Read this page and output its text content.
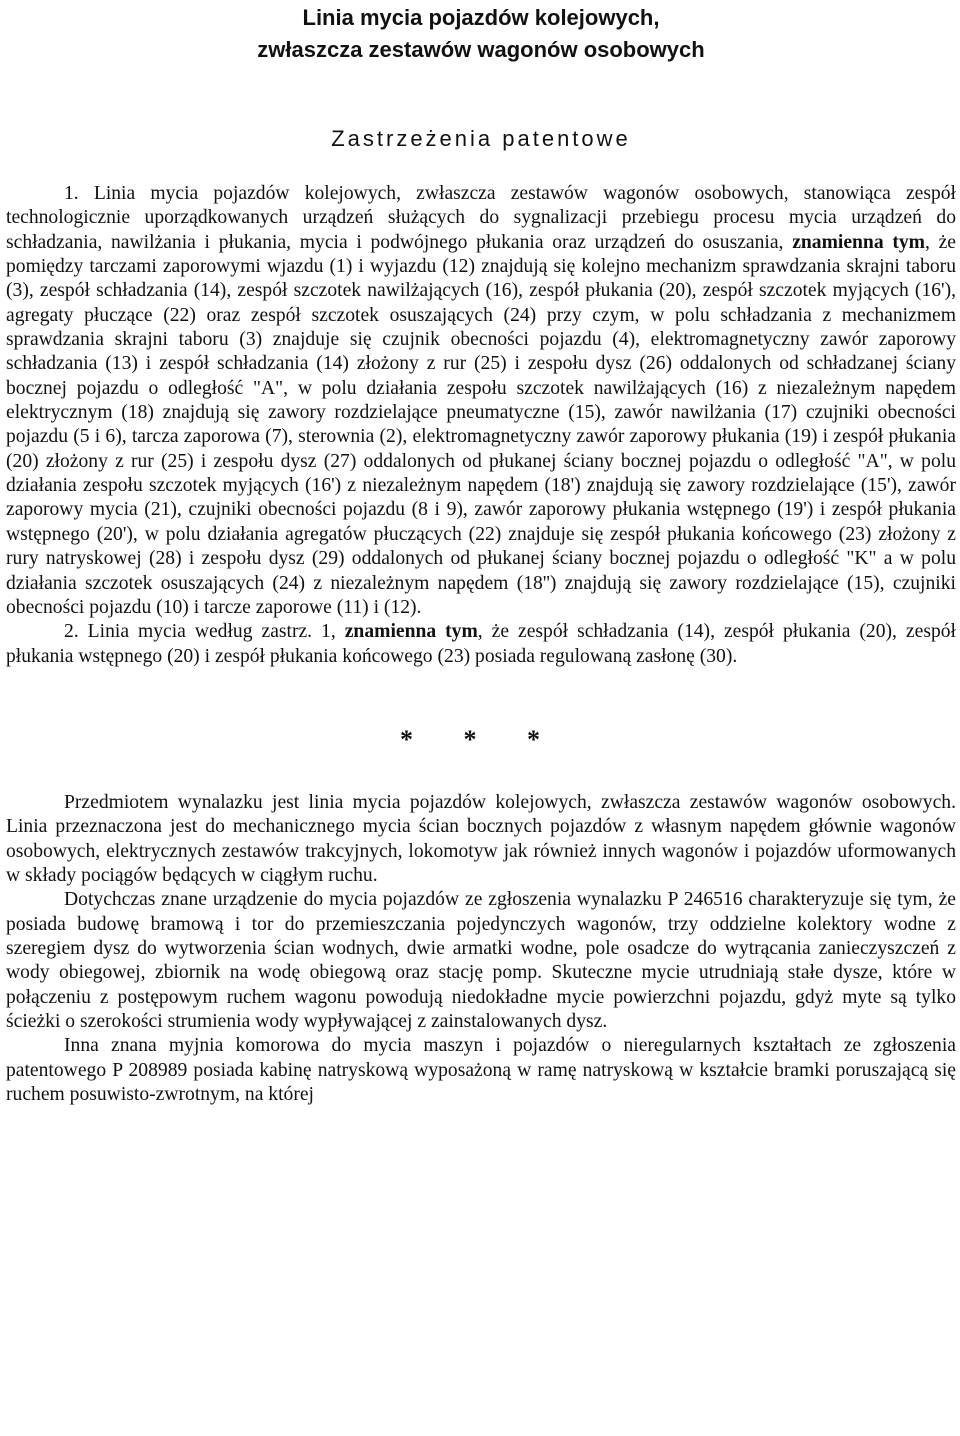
Linia mycia pojazdów kolejowych,
zwłaszcza zestawów wagonów osobowych
Zastrzeżenia patentowe

1. Linia mycia pojazdów kolejowych, zwłaszcza zestawów wagonów osobowych, stanowiąca zespół technologicznie uporządkowanych urządzeń służących do sygnalizacji przebiegu procesu mycia urządzeń do schładzania, nawilżania i płukania, mycia i podwójnego płukania oraz urządzeń do osuszania, znamienna tym, że pomiędzy tarczami zaporowymi wjazdu (1) i wyjazdu (12) znajdują się kolejno mechanizm sprawdzania skrajni taboru (3), zespół schładzania (14), zespół szczotek nawilżających (16), zespół płukania (20), zespół szczotek myjących (16'), agregaty płuczące (22) oraz zespół szczotek osuszających (24) przy czym, w polu schładzania z mechanizmem sprawdzania skrajni taboru (3) znajduje się czujnik obecności pojazdu (4), elektromagnetyczny zawór zaporowy schładzania (13) i zespół schładzania (14) złożony z rur (25) i zespołu dysz (26) oddalonych od schładzanej ściany bocznej pojazdu o odległość "A", w polu działania zespołu szczotek nawilżających (16) z niezależnym napędem elektrycznym (18) znajdują się zawory rozdzielające pneumatyczne (15), zawór nawilżania (17) czujniki obecności pojazdu (5 i 6), tarcza zaporowa (7), sterownia (2), elektromagnetyczny zawór zaporowy płukania (19) i zespół płukania (20) złożony z rur (25) i zespołu dysz (27) oddalonych od płukanej ściany bocznej pojazdu o odległość "A", w polu działania zespołu szczotek myjących (16') z niezależnym napędem (18') znajdują się zawory rozdzielające (15'), zawór zaporowy mycia (21), czujniki obecności pojazdu (8 i 9), zawór zaporowy płukania wstępnego (19') i zespół płukania wstępnego (20'), w polu działania agregatów płuczących (22) znajduje się zespół płukania końcowego (23) złożony z rury natryskowej (28) i zespołu dysz (29) oddalonych od płukanej ściany bocznej pojazdu o odległość "K" a w polu działania szczotek osuszających (24) z niezależnym napędem (18'') znajdują się zawory rozdzielające (15), czujniki obecności pojazdu (10) i tarcze zaporowe (11) i (12).

2. Linia mycia według zastrz. 1, znamienna tym, że zespół schładzania (14), zespół płukania (20), zespół płukania wstępnego (20) i zespół płukania końcowego (23) posiada regulowaną zasłonę (30).

* * *

Przedmiotem wynalazku jest linia mycia pojazdów kolejowych, zwłaszcza zestawów wagonów osobowych. Linia przeznaczona jest do mechanicznego mycia ścian bocznych pojazdów z własnym napędem głównie wagonów osobowych, elektrycznych zestawów trakcyjnych, lokomotyw jak również innych wagonów i pojazdów uformowanych w składy pociągów będących w ciągłym ruchu.

Dotychczas znane urządzenie do mycia pojazdów ze zgłoszenia wynalazku P 246516 charakteryzuje się tym, że posiada budowę bramową i tor do przemieszczania pojedynczych wagonów, trzy oddzielne kolektory wodne z szeregiem dysz do wytworzenia ścian wodnych, dwie armatki wodne, pole osadcze do wytrącania zanieczyszczeń z wody obiegowej, zbiornik na wodę obiegową oraz stację pomp. Skuteczne mycie utrudniają stałe dysze, które w połączeniu z postępowym ruchem wagonu powodują niedokładne mycie powierzchni pojazdu, gdyż myte są tylko ścieżki o szerokości strumienia wody wypływającej z zainstalowanych dysz.

Inna znana myjnia komorowa do mycia maszyn i pojazdów o nieregularnych kształtach ze zgłoszenia patentowego P 208989 posiada kabinę natryskową wyposażoną w ramę natryskową w kształcie bramki poruszającą się ruchem posuwisto-zwrotnym, na której
